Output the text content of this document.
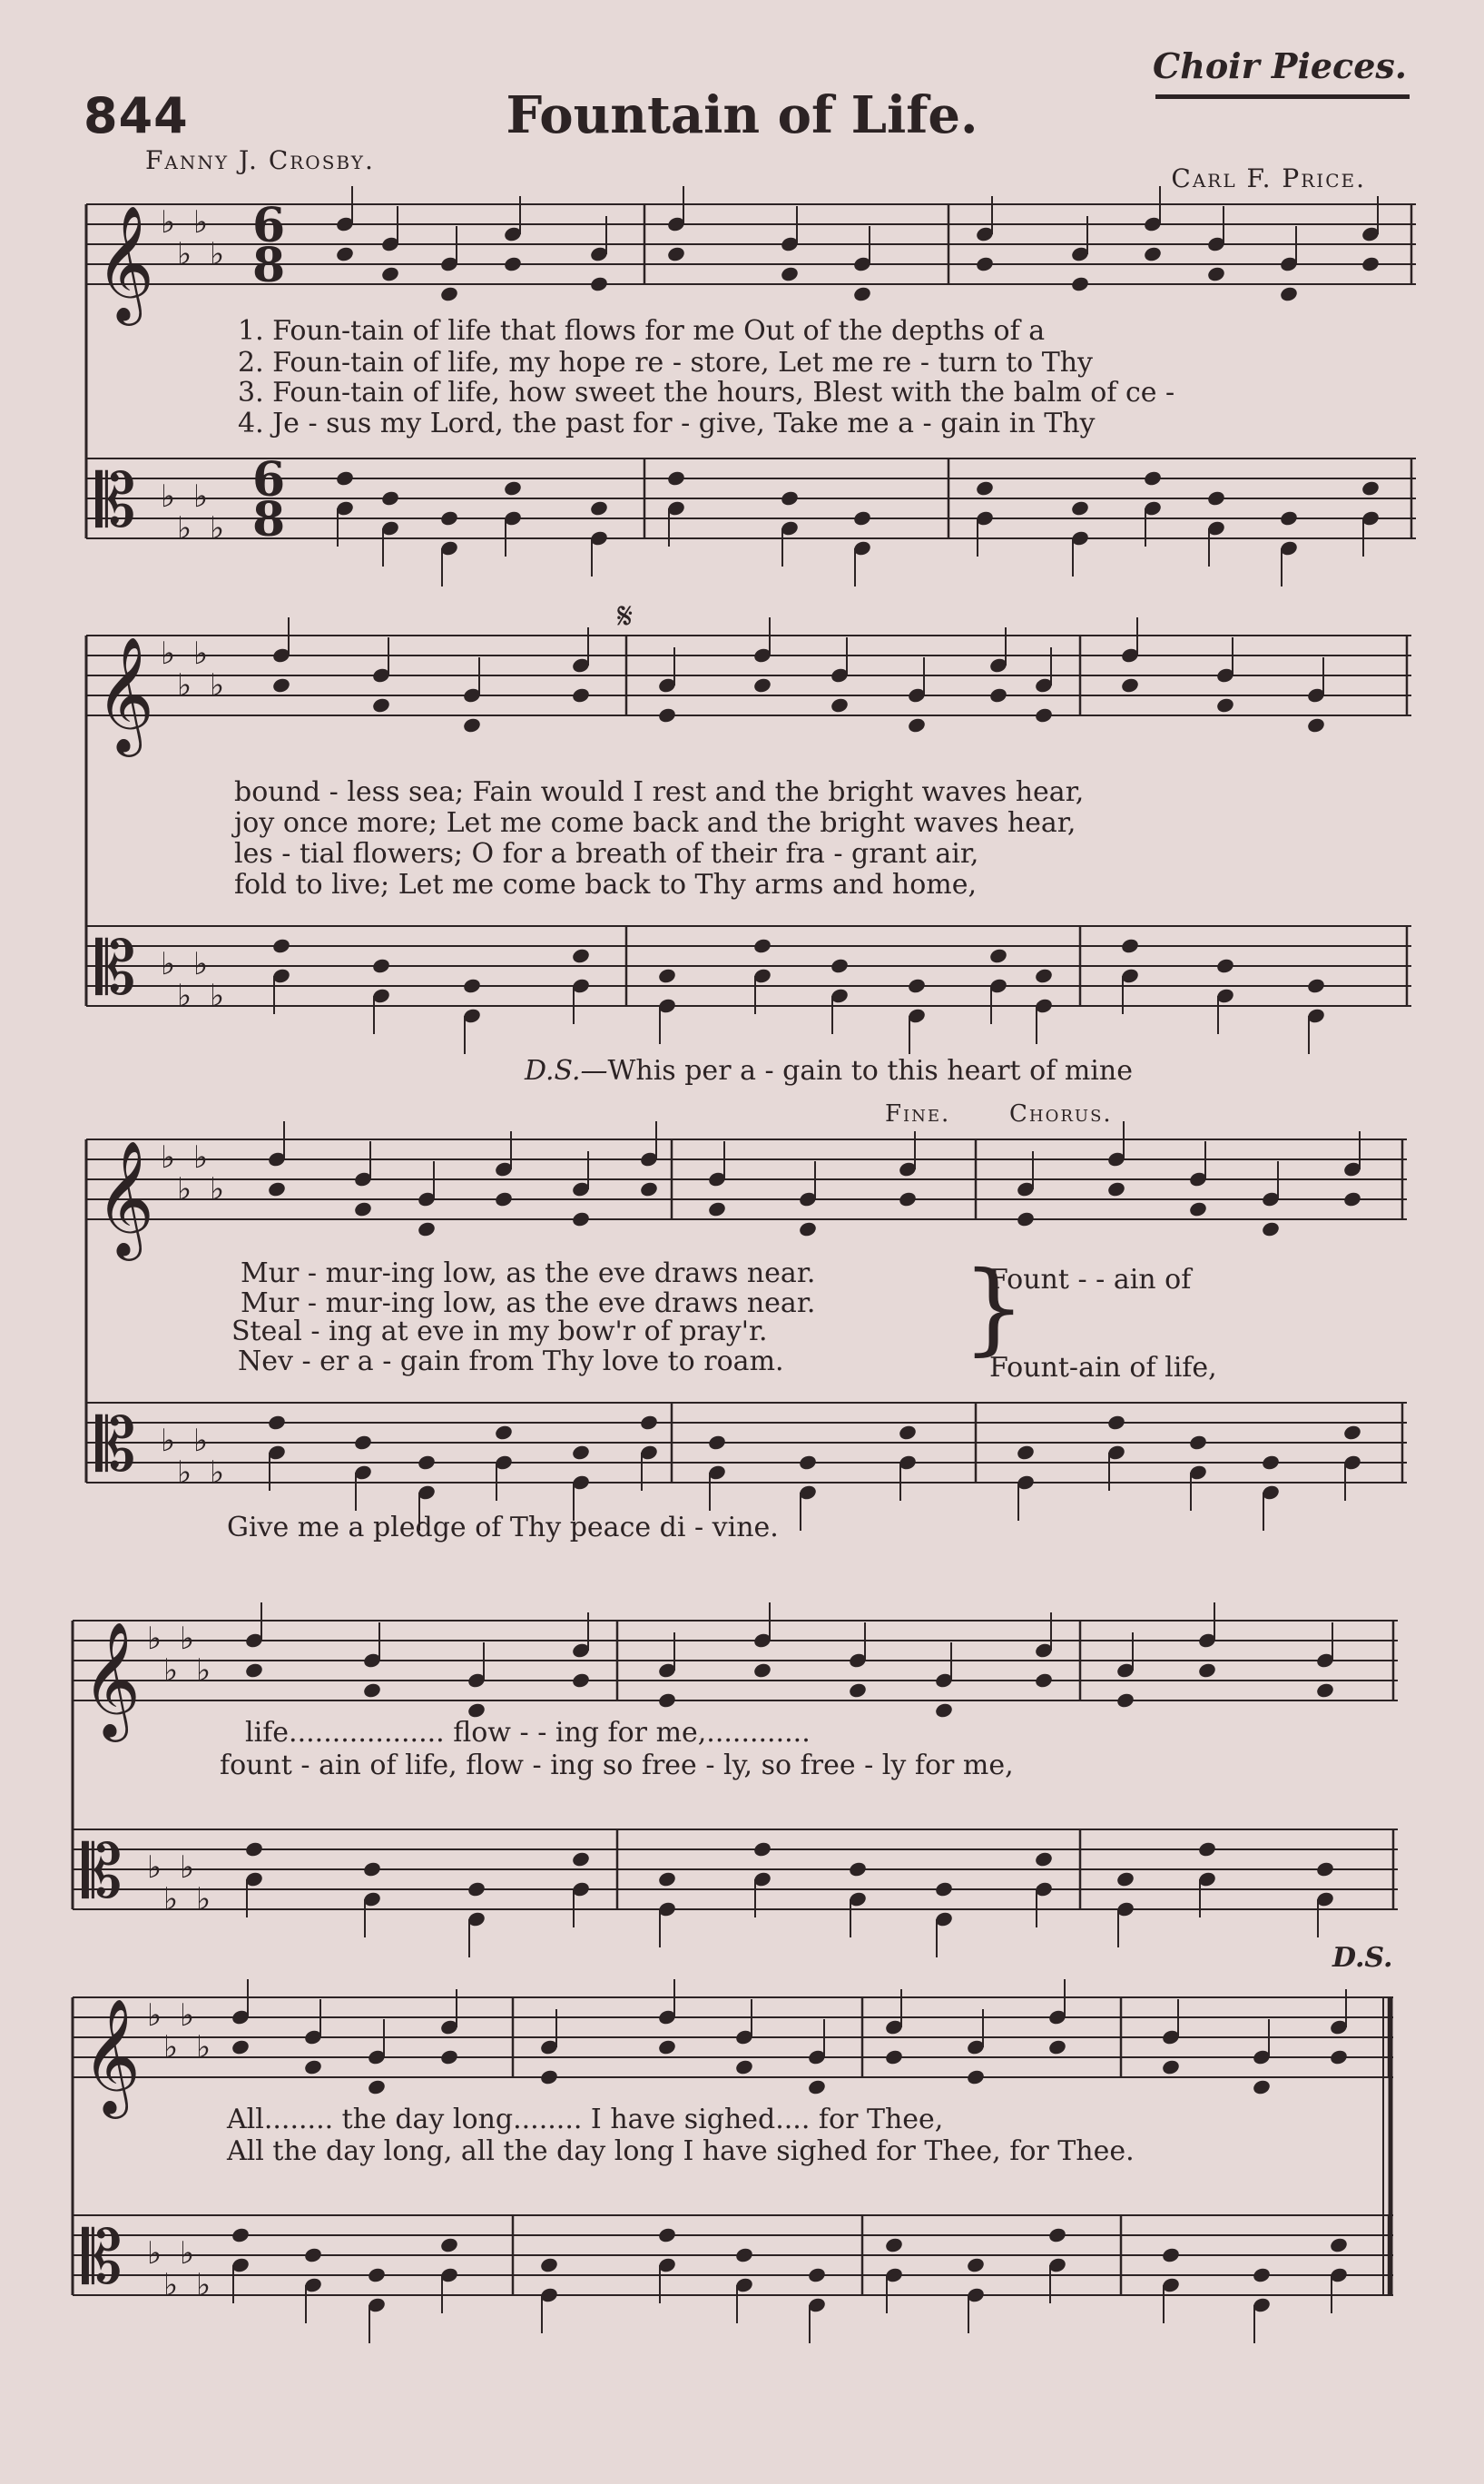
844
Choir Pieces.
Fountain of Life.
Fanny J. Crosby.
Carl F. Price.
𝄞
𝄡
♭
♭
♭
♭
♭
♭
♭
♭
𝄞
𝄡
♭
♭
♭
♭
♭
♭
♭
♭
𝄞
𝄡
♭
♭
♭
♭
♭
♭
♭
♭
𝄞
𝄡
♭
♭
♭
♭
♭
♭
♭
♭
𝄞
𝄡
♭
♭
♭
♭
♭
♭
♭
♭
6
8
6
8
𝄋
}
1. Foun-tain of life that flows for me Out of the depths of a
2. Foun-tain of life, my hope re - store, Let me re - turn to Thy
3. Foun-tain of life, how sweet the hours, Blest with the balm of ce -
4. Je - sus my Lord, the past for - give, Take me a - gain in Thy
bound - less sea; Fain would I rest and the bright waves hear,
joy once more; Let me come back and the bright waves hear,
les - tial flowers; O for a breath of their fra - grant air,
fold to live; Let me come back to Thy arms and home,
D.S.—Whis per a - gain to this heart of mine
Fine. Chorus.
Mur - mur-ing low, as the eve draws near.
Mur - mur-ing low, as the eve draws near.
Steal - ing at eve in my bow'r of pray'r.
Nev - er a - gain from Thy love to roam.
Fount - - ain of
Fount-ain of life,
Give me a pledge of Thy peace di - vine.
life.................. flow - - ing for me,............
fount - ain of life, flow - ing so free - ly, so free - ly for me,
All........ the day long........ I have sighed.... for Thee,
All the day long, all the day long I have sighed for Thee, for Thee.
D.S.
